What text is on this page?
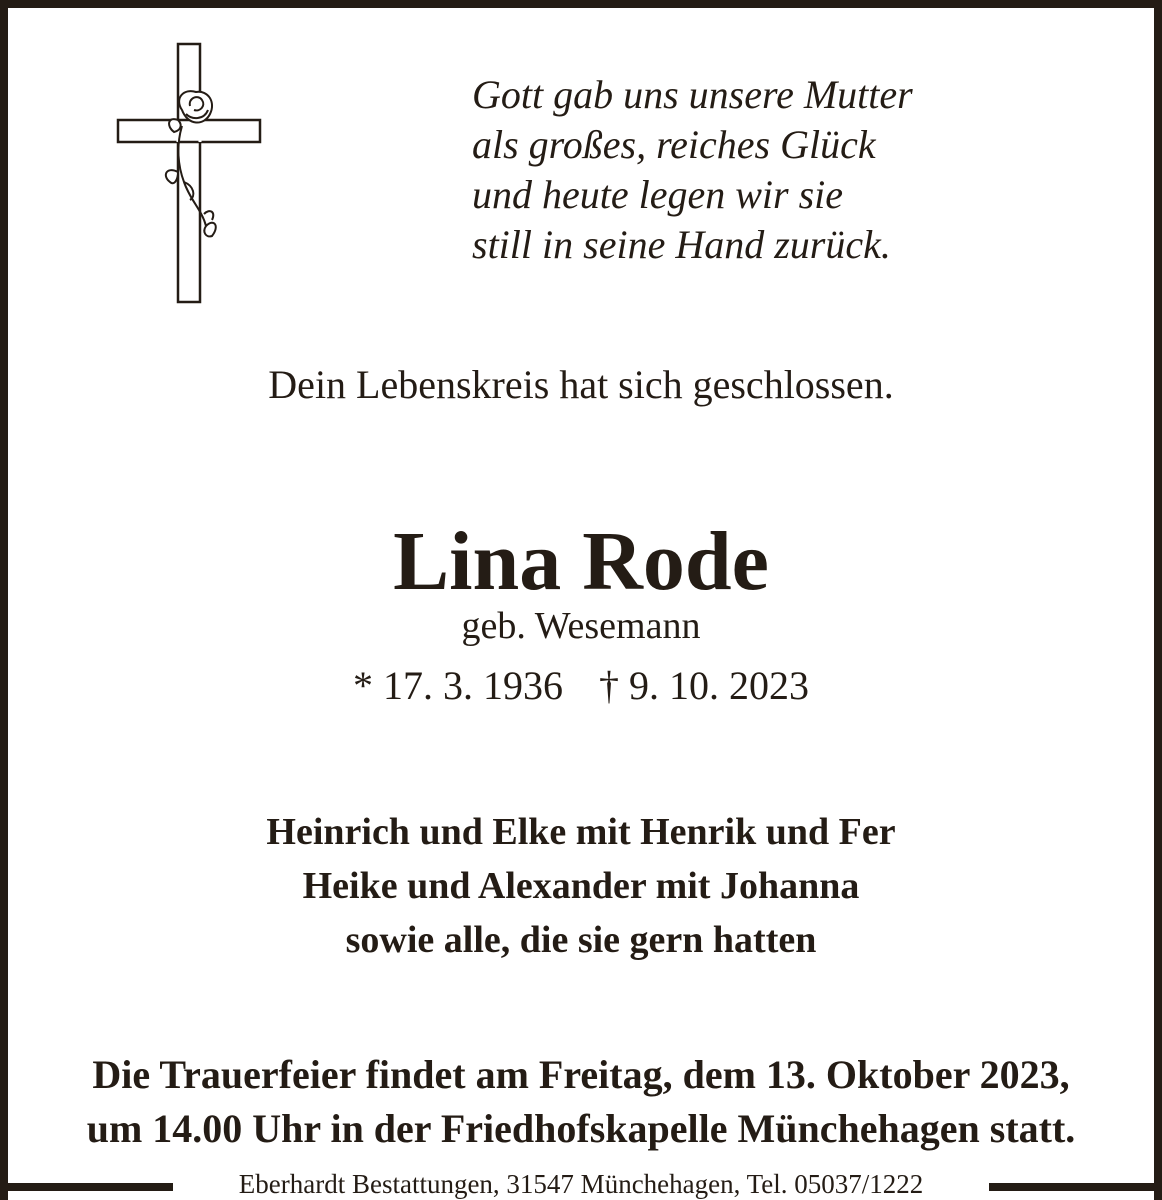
Gott gab uns unsere Mutter
als großes, reiches Glück
und heute legen wir sie
still in seine Hand zurück.
Dein Lebenskreis hat sich geschlossen.
Lina Rode
geb. Wesemann
* 17. 3. 1936 † 9. 10. 2023
Heinrich und Elke mit Henrik und Fer
Heike und Alexander mit Johanna
sowie alle, die sie gern hatten
Die Trauerfeier findet am Freitag, dem 13. Oktober 2023,
um 14.00 Uhr in der Friedhofskapelle Münchehagen statt.
Eberhardt Bestattungen, 31547 Münchehagen, Tel. 05037/1222
